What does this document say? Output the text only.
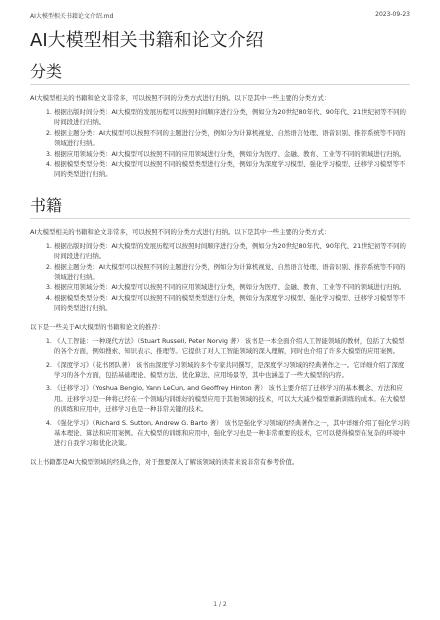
AI大模型相关书籍论文介绍.md	2023-09-23
AI大模型相关书籍和论文介绍
分类

AI大模型相关的书籍和论文非常多，可以按照不同的分类方式进行归纳。以下是其中一些主要的分类方式：

1. 根据出版时间分类：AI大模型的发展历程可以按照时间顺序进行分类，例如分为20世纪80年代、90年代、21世纪初等不同的时间段进行归纳。
2. 根据主题分类：AI大模型可以按照不同的主题进行分类，例如分为计算机视觉、自然语言处理、语音识别、推荐系统等不同的领域进行归纳。
3. 根据应用领域分类：AI大模型可以按照不同的应用领域进行分类，例如分为医疗、金融、教育、工业等不同的领域进行归纳。
4. 根据模型类型分类：AI大模型可以按照不同的模型类型进行分类，例如分为深度学习模型、强化学习模型、迁移学习模型等不同的类型进行归纳。
书籍

AI大模型相关的书籍和论文非常多，可以按照不同的分类方式进行归纳。以下是其中一些主要的分类方式：

1. 根据出版时间分类：AI大模型的发展历程可以按照时间顺序进行分类，例如分为20世纪80年代、90年代、21世纪初等不同的时间段进行归纳。
2. 根据主题分类：AI大模型可以按照不同的主题进行分类，例如分为计算机视觉、自然语言处理、语音识别、推荐系统等不同的领域进行归纳。
3. 根据应用领域分类：AI大模型可以按照不同的应用领域进行分类，例如分为医疗、金融、教育、工业等不同的领域进行归纳。
4. 根据模型类型分类：AI大模型可以按照不同的模型类型进行分类，例如分为深度学习模型、强化学习模型、迁移学习模型等不同的类型进行归纳。

以下是一些关于AI大模型的书籍和论文的推荐：

1. 《人工智能：一种现代方法》（Stuart Russell, Peter Norvig 著） 该书是一本全面介绍人工智能领域的教材，包括了大模型的各个方面，例如搜索、知识表示、推理等。它提供了对人工智能领域的深入理解，同时也介绍了许多大模型的应用案例。
2. 《深度学习》（花书团队著） 该书由深度学习领域的多个专家共同撰写，是深度学习领域的经典著作之一。它详细介绍了深度学习的各个方面，包括基础理论、模型方法、优化算法、应用场景等，其中也涵盖了一些大模型的内容。
3. 《迁移学习》（Yoshua Bengio, Yann LeCun, and Geoffrey Hinton 著） 该书主要介绍了迁移学习的基本概念、方法和应用。迁移学习是一种将已经在一个领域内训练好的模型应用于其他领域的技术，可以大大减少模型重新训练的成本。在大模型的训练和应用中，迁移学习也是一种非常关键的技术。
4. 《强化学习》（Richard S. Sutton, Andrew G. Barto 著） 该书是强化学习领域的经典著作之一，其中详细介绍了强化学习的基本理论、算法和应用案例。在大模型的训练和应用中，强化学习也是一种非常重要的技术，它可以使得模型在复杂的环境中进行自我学习和优化决策。

以上书籍都是AI大模型领域的经典之作，对于想要深入了解该领域的读者来说非常有参考价值。

1 / 2
